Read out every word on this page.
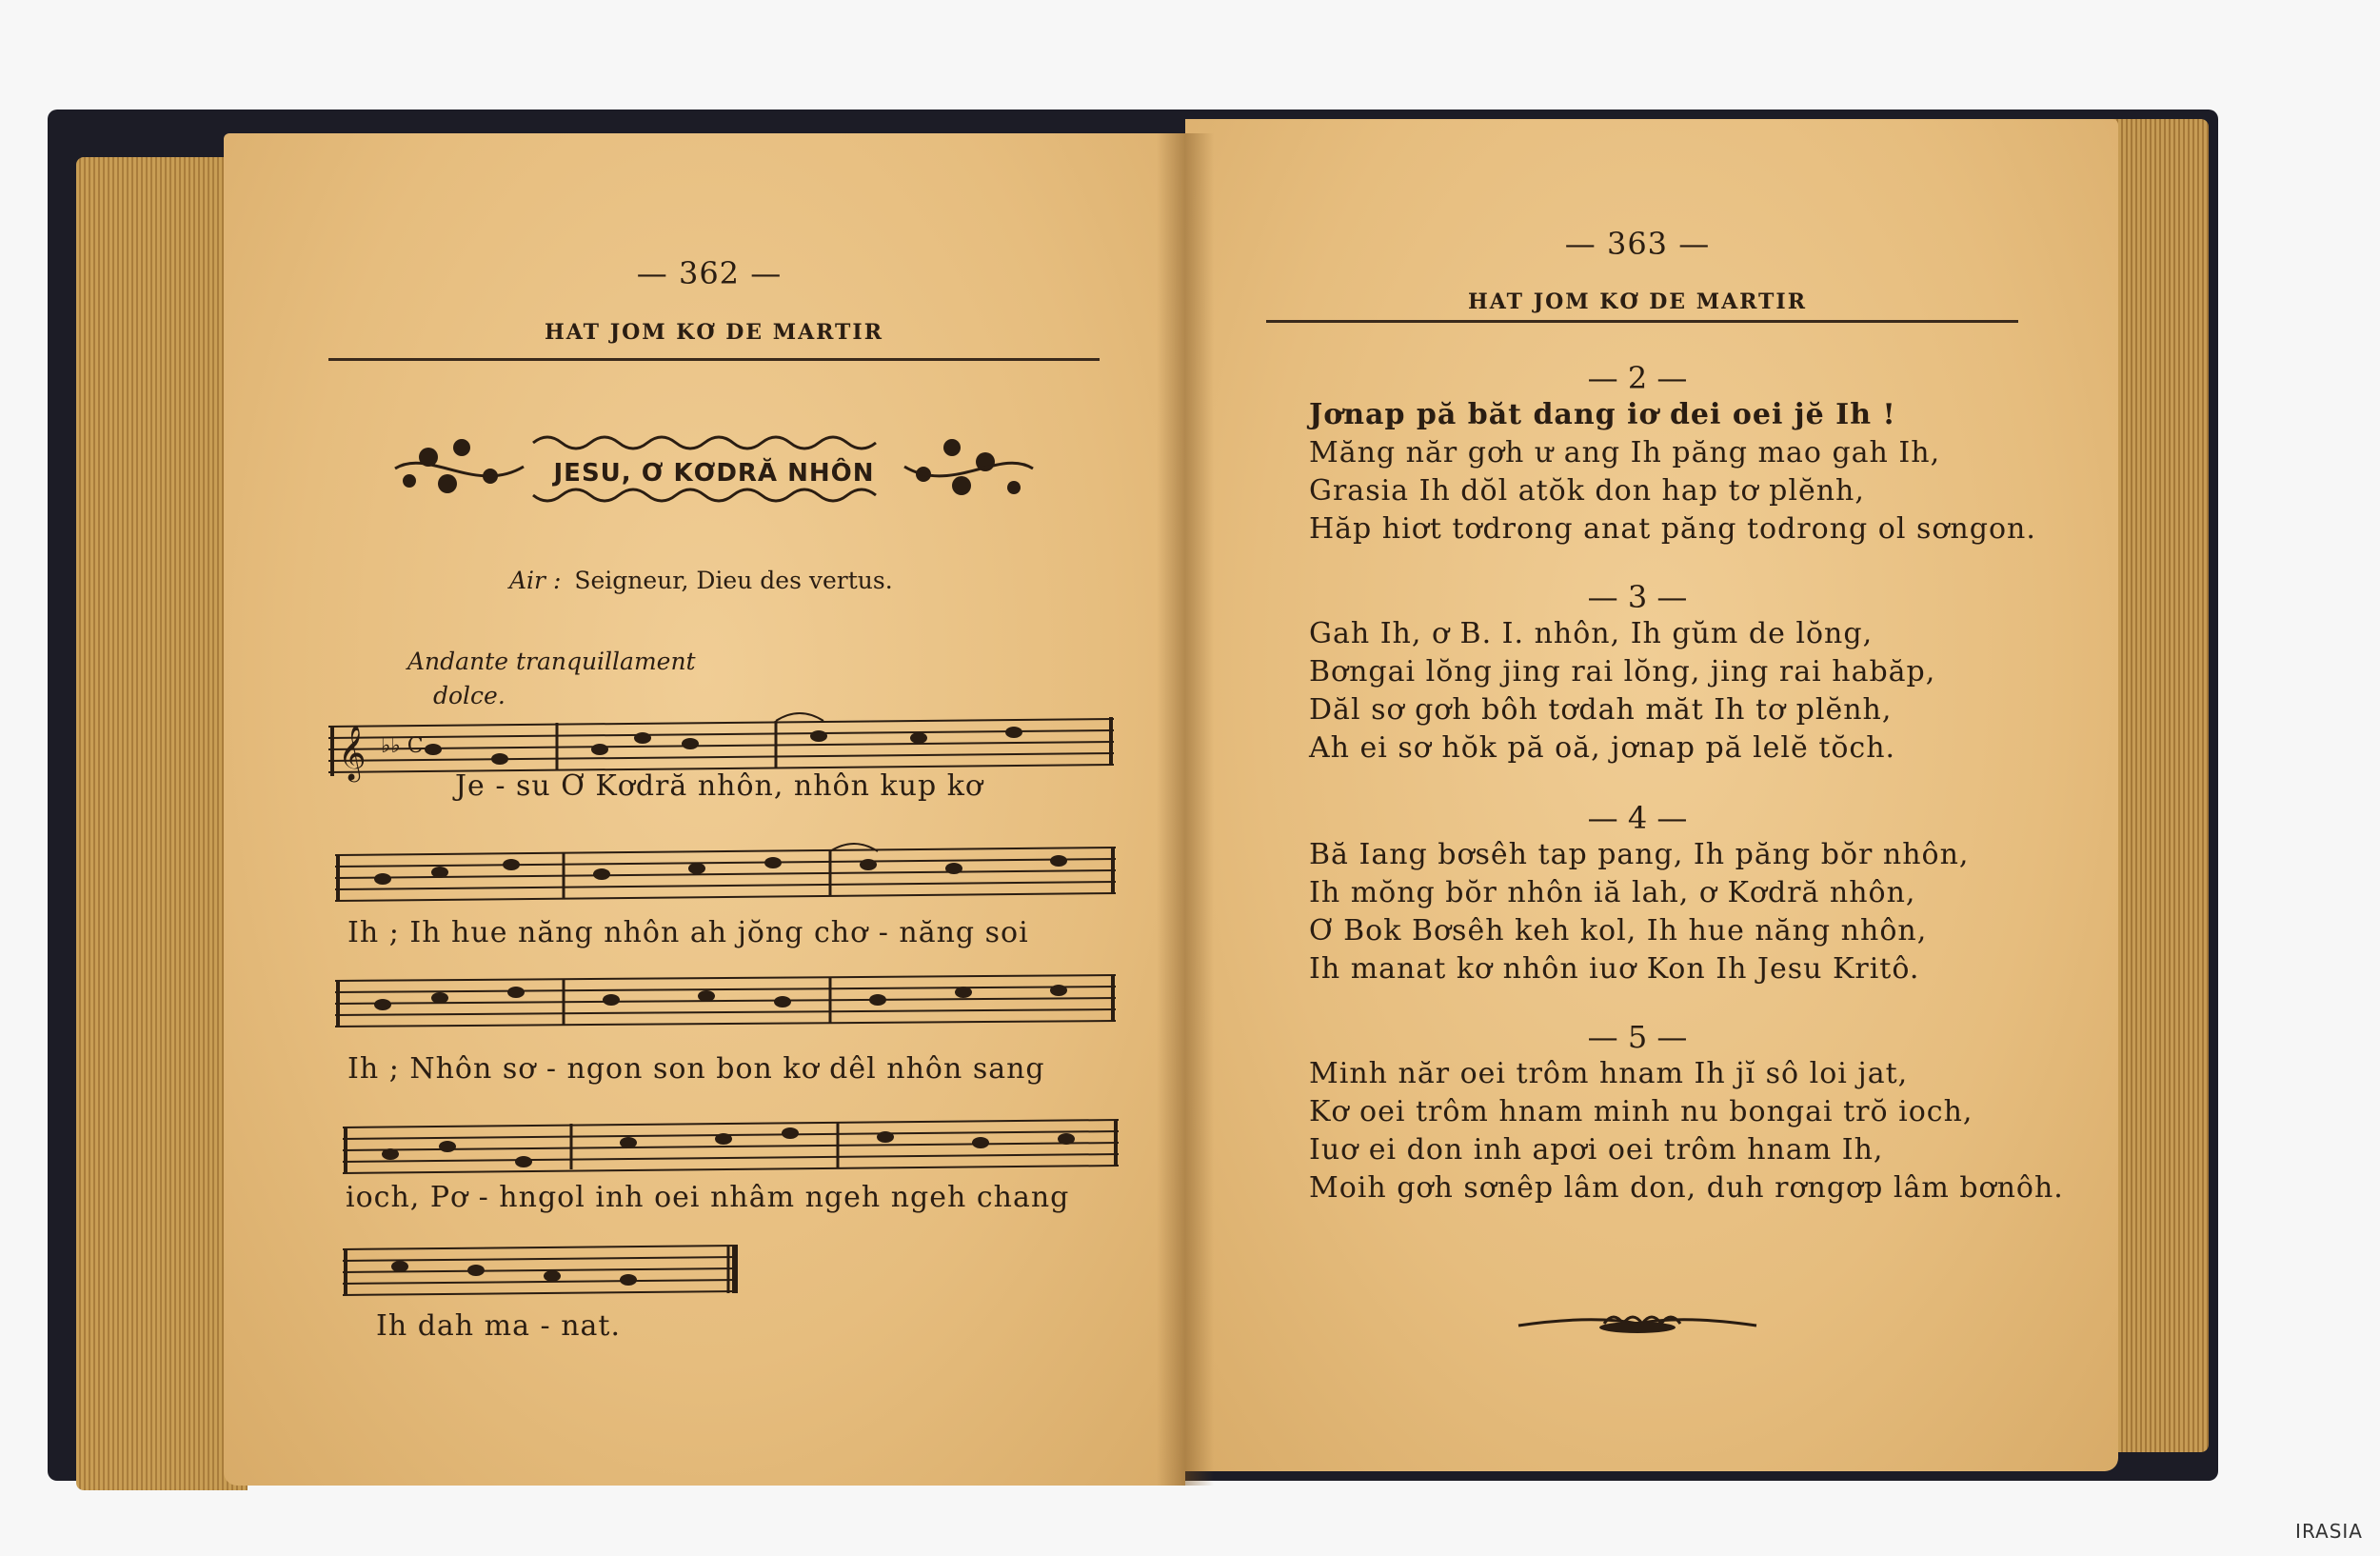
— 362 —
HAT JOM KƠ DE MARTIR
JESU, Ơ KƠDRĂ NHÔN
Air : Seigneur, Dieu des vertus.
Andante tranquillament
dolce.
𝄞 ♭♭ C
Je - su Ơ Kơdră nhôn, nhôn kup kơ
Ih ; Ih hue năng nhôn ah jŏng chơ - năng soi
Ih ; Nhôn sơ - ngon son bon kơ dêl nhôn sang
ioch, Pơ - hngol inh oei nhâm ngeh ngeh chang
Ih dah ma - nat.
— 363 —
HAT JOM KƠ DE MARTIR
— 2 —
Jơnap pă băt dang iơ dei oei jĕ Ih !
Măng năr gơh ư ang Ih păng mao gah Ih,
Grasia Ih dŏl atŏk don hap tơ plĕnh,
Hăp hiơt tơdrong anat păng todrong ol sơngon.
— 3 —
Gah Ih, ơ B. I. nhôn, Ih gŭm de lŏng,
Bơngai lŏng jing rai lŏng, jing rai habăp,
Dăl sơ gơh bôh tơdah măt Ih tơ plĕnh,
Ah ei sơ hŏk pă oă, jơnap pă lelĕ tŏch.
— 4 —
Bă Iang bơsêh tap pang, Ih păng bŏr nhôn,
Ih mŏng bŏr nhôn iă lah, ơ Kơdră nhôn,
Ơ Bok Bơsêh keh kol, Ih hue năng nhôn,
Ih manat kơ nhôn iuơ Kon Ih Jesu Kritô.
— 5 —
Minh năr oei trôm hnam Ih jĭ sô loi jat,
Kơ oei trôm hnam minh nu bongai trŏ ioch,
Iuơ ei don inh apơi oei trôm hnam Ih,
Moih gơh sơnêp lâm don, duh rơngơp lâm bơnôh.
IRASIA
